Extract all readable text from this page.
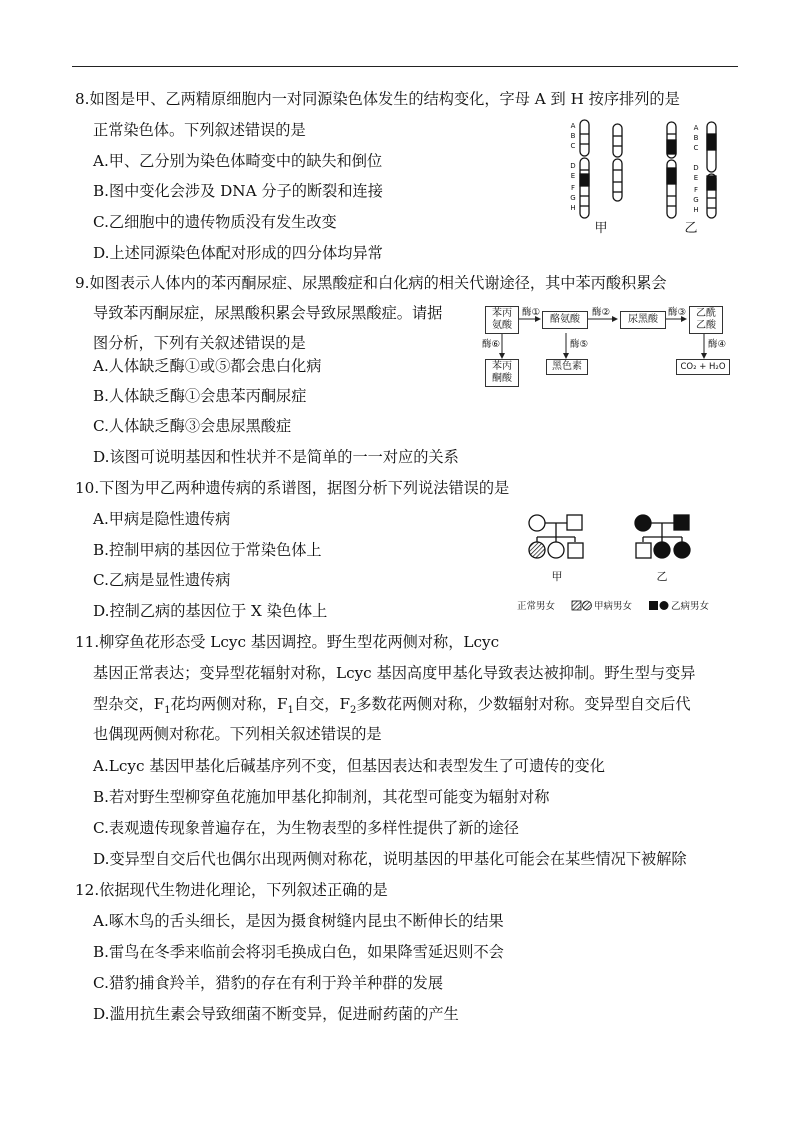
8.如图是甲、乙两精原细胞内一对同源染色体发生的结构变化，字母 A 到 H 按序排列的是
正常染色体。下列叙述错误的是
A.甲、乙分别为染色体畸变中的缺失和倒位
B.图中变化会涉及 DNA 分子的断裂和连接
C.乙细胞中的遗传物质没有发生改变
D.上述同源染色体配对形成的四分体均异常
A
B
C
D
E
F
G
H
甲
A
B
C
D
E
F
G
H
乙
9.如图表示人体内的苯丙酮尿症、尿黑酸症和白化病的相关代谢途径，其中苯丙酸积累会
导致苯丙酮尿症，尿黑酸积累会导致尿黑酸症。请据
图分析，下列有关叙述错误的是
A.人体缺乏酶①或⑤都会患白化病
B.人体缺乏酶①会患苯丙酮尿症
C.人体缺乏酶③会患尿黑酸症
D.该图可说明基因和性状并不是简单的一一对应的关系
苯丙
氨酸
酶①
酪氨酸
酶②
尿黑酸
酶③ 乙酰
乙酸
酶⑥	酶⑤	酶④
苯丙
酮酸
黑色素	CO₂ + H₂O
10.下图为甲乙两种遗传病的系谱图，据图分析下列说法错误的是
A.甲病是隐性遗传病
B.控制甲病的基因位于常染色体上
C.乙病是显性遗传病
D.控制乙病的基因位于 X 染色体上
甲	乙
正常男女	甲病男女	乙病男女
11.柳穿鱼花形态受 Lcyc 基因调控。野生型花两侧对称，Lcyc
基因正常表达；变异型花辐射对称，Lcyc 基因高度甲基化导致表达被抑制。野生型与变异
型杂交，$F_1$花均两侧对称，$F_1$自交，$F_2$多数花两侧对称，少数辐射对称。变异型自交后代
也偶现两侧对称花。下列相关叙述错误的是
A.Lcyc 基因甲基化后碱基序列不变，但基因表达和表型发生了可遗传的变化
B.若对野生型柳穿鱼花施加甲基化抑制剂，其花型可能变为辐射对称
C.表观遗传现象普遍存在，为生物表型的多样性提供了新的途径
D.变异型自交后代也偶尔出现两侧对称花，说明基因的甲基化可能会在某些情况下被解除
12.依据现代生物进化理论，下列叙述正确的是
A.啄木鸟的舌头细长，是因为摄食树缝内昆虫不断伸长的结果
B.雷鸟在冬季来临前会将羽毛换成白色，如果降雪延迟则不会
C.猎豹捕食羚羊，猎豹的存在有利于羚羊种群的发展
D.滥用抗生素会导致细菌不断变异，促进耐药菌的产生
